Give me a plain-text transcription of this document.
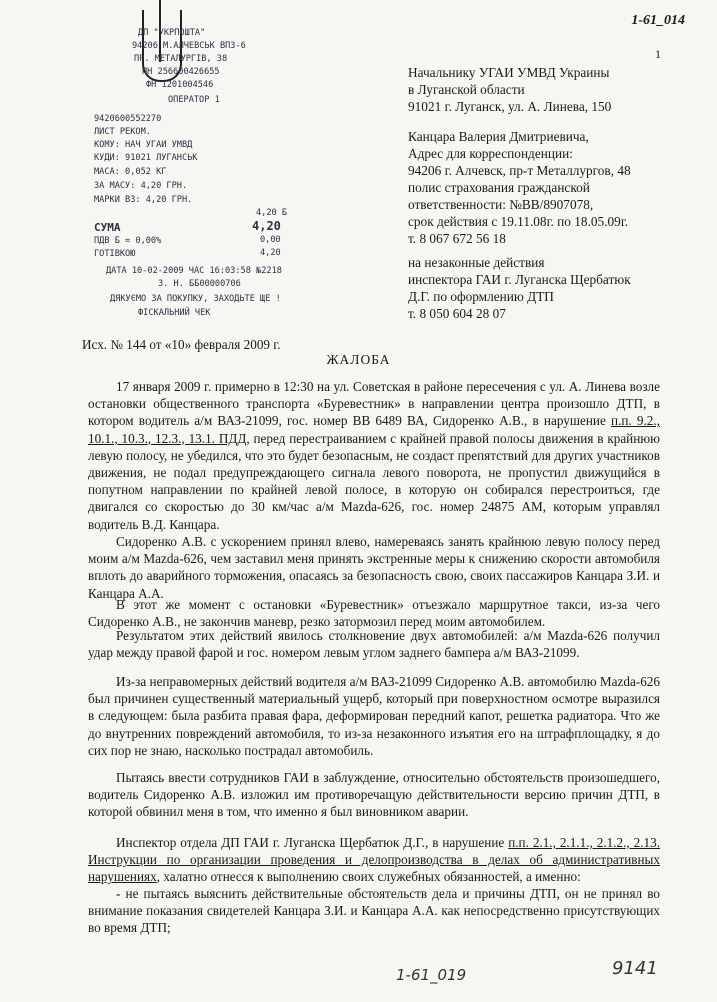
ДП "УКРПОШТА"
94206 М.АЛЧЕВСЬК ВПЗ-6
ПР. МЕТАЛУРГІВ, 38
ПН 256600426655
ФН 1201004546
ОПЕРАТОР 1
9420600552270
ЛИСТ РЕКОМ.
КОМУ: НАЧ УГАИ УМВД
КУДИ: 91021 ЛУГАНСЬК
МАСА: 0,052 КГ
ЗА МАСУ: 4,20 ГРН.
МАРКИ ВЗ: 4,20 ГРН.
4,20 Б
СУМА	4,20
ПДВ Б = 0,00%	0,00
ГОТІВКОЮ	4,20
ДАТА 10-02-2009 ЧАС 16:03:58 №2218
З. Н. ББ00000706
ДЯКУЄМО ЗА ПОКУПКУ, ЗАХОДЬТЕ ЩЕ !
ФІСКАЛЬНИЙ ЧЕК
1-61_014
1
Начальнику УГАИ УМВД Украины
в Луганской области
91021 г. Луганск, ул. А. Линева, 150
Канцара Валерия Дмитриевича,
Адрес для корреспонденции:
94206 г. Алчевск, пр-т Металлургов, 48
полис страхования гражданской
ответственности: №ВВ/8907078,
срок действия с 19.11.08г. по 18.05.09г.
т. 8 067 672 56 18
на незаконные действия
инспектора ГАИ г. Луганска Щербатюк
Д.Г. по оформлению ДТП
т. 8 050 604 28 07
Исх. № 144 от «10» февраля 2009 г.
ЖАЛОБА
17 января 2009 г. примерно в 12:30 на ул. Советская в районе пересечения с ул. А. Линева возле остановки общественного транспорта «Буревестник» в направлении центра произошло ДТП, в котором водитель а/м ВАЗ-21099, гос. номер ВВ 6489 ВА, Сидоренко А.В., в нарушение п.п. 9.2., 10.1., 10.3., 12.3., 13.1. ПДД, перед перестраиванием с крайней правой полосы движения в крайнюю левую полосу, не убедился, что это будет безопасным, не создаст препятствий для других участников движения, не подал предупреждающего сигнала левого поворота, не пропустил движущийся в попутном направлении по крайней левой полосе, в которую он собирался перестроиться, где двигался со скоростью до 30 км/час а/м Mazda-626, гос. номер 24875 АМ, которым управлял водитель В.Д. Канцара.
Сидоренко А.В. с ускорением принял влево, намереваясь занять крайнюю левую полосу перед моим а/м Mazda-626, чем заставил меня принять экстренные меры к снижению скорости автомобиля вплоть до аварийного торможения, опасаясь за безопасность свою, своих пассажиров Канцара З.И. и Канцара А.А.
В этот же момент с остановки «Буревестник» отъезжало маршрутное такси, из-за чего Сидоренко А.В., не закончив маневр, резко затормозил перед моим автомобилем.
Результатом этих действий явилось столкновение двух автомобилей: а/м Mazda-626 получил удар между правой фарой и гос. номером левым углом заднего бампера а/м ВАЗ-21099.
Из-за неправомерных действий водителя а/м ВАЗ-21099 Сидоренко А.В. автомобилю Mazda-626 был причинен существенный материальный ущерб, который при поверхностном осмотре выразился в следующем: была разбита правая фара, деформирован передний капот, решетка радиатора. Что же до внутренних повреждений автомобиля, то из-за незаконного изъятия его на штрафплощадку, я до сих пор не знаю, насколько пострадал автомобиль.
Пытаясь ввести сотрудников ГАИ в заблуждение, относительно обстоятельств произошедшего, водитель Сидоренко А.В. изложил им противоречащую действительности версию причин ДТП, в которой обвинил меня в том, что именно я был виновником аварии.
Инспектор отдела ДП ГАИ г. Луганска Щербатюк Д.Г., в нарушение п.п. 2.1., 2.1.1., 2.1.2., 2.13. Инструкции по организации проведения и делопроизводства в делах об административных нарушениях, халатно отнесся к выполнению своих служебных обязанностей, а именно:
- не пытаясь выяснить действительные обстоятельств дела и причины ДТП, он не принял во внимание показания свидетелей Канцара З.И. и Канцара А.А. как непосредственно присутствующих во время ДТП;
1-61_019	9141
